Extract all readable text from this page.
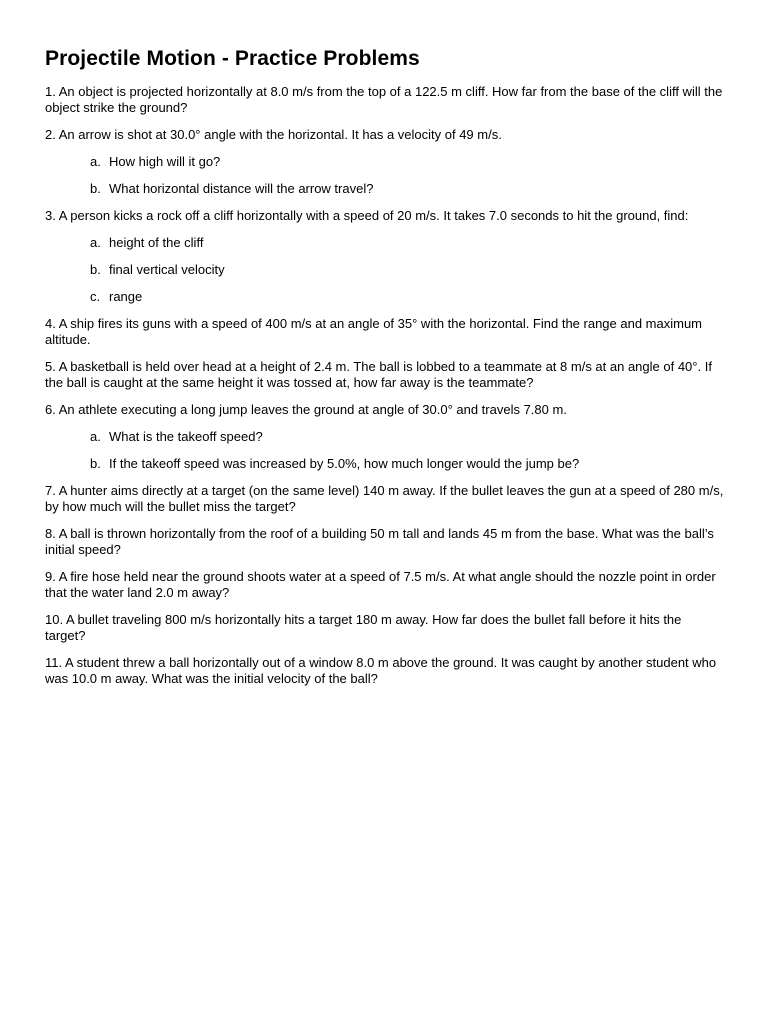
Projectile Motion - Practice Problems
1. An object is projected horizontally at 8.0 m/s from the top of a 122.5 m cliff. How far from the base of the cliff will the object strike the ground?
2. An arrow is shot at 30.0° angle with the horizontal. It has a velocity of 49 m/s.
a. How high will it go?
b. What horizontal distance will the arrow travel?
3. A person kicks a rock off a cliff horizontally with a speed of 20 m/s. It takes 7.0 seconds to hit the ground, find:
a. height of the cliff
b. final vertical velocity
c. range
4. A ship fires its guns with a speed of 400 m/s at an angle of 35° with the horizontal. Find the range and maximum altitude.
5. A basketball is held over head at a height of 2.4 m. The ball is lobbed to a teammate at 8 m/s at an angle of 40°. If the ball is caught at the same height it was tossed at, how far away is the teammate?
6. An athlete executing a long jump leaves the ground at angle of 30.0° and travels 7.80 m.
a. What is the takeoff speed?
b. If the takeoff speed was increased by 5.0%, how much longer would the jump be?
7. A hunter aims directly at a target (on the same level) 140 m away. If the bullet leaves the gun at a speed of 280 m/s, by how much will the bullet miss the target?
8. A ball is thrown horizontally from the roof of a building 50 m tall and lands 45 m from the base. What was the ball’s initial speed?
9. A fire hose held near the ground shoots water at a speed of 7.5 m/s. At what angle should the nozzle point in order that the water land 2.0 m away?
10. A bullet traveling 800 m/s horizontally hits a target 180 m away. How far does the bullet fall before it hits the target?
11. A student threw a ball horizontally out of a window 8.0 m above the ground. It was caught by another student who was 10.0 m away. What was the initial velocity of the ball?
